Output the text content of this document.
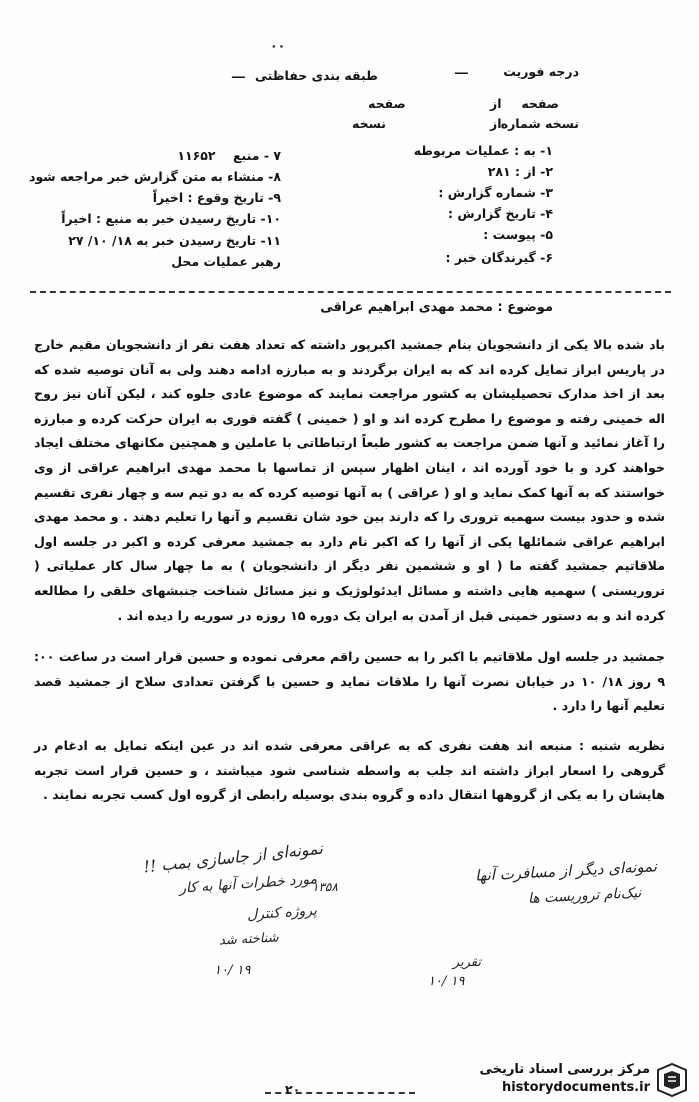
۰۰
درجه فوریت
ـــ
طبقه بندی حفاظتی
ـــ
صفحه
از
صفحه
نسخه شماره
از
نسخه
۱- به : عملیات مربوطه
۲- از : ۲۸۱
۳- شماره گزارش :
۴- تاریخ گزارش :
۵- پیوست :
۶- گیرندگان خبر :
۷ - منبع    ۱۱۶۵۲
۸- منشاء به متن گزارش خبر مراجعه شود
۹- تاریخ وقوع : اخیراً
۱۰- تاریخ رسیدن خبر به منبع : اخیراً
۱۱- تاریخ رسیدن خبر به ۱۸/ ۱۰/ ۲۷
رهبر عملیات محل
موضوع : محمد مهدی ابراهیم عراقی

باد شده بالا یکی از دانشجویان بنام جمشید اکبرپور داشته که تعداد هفت نفر از دانشجویان مقیم خارج در پاریس ابراز تمایل کرده اند که به ایران برگردند و به مبارزه ادامه دهند ولی به آنان توصیه شده که بعد از اخذ مدارک تحصیلیشان به کشور مراجعت نمایند که موضوع عادی جلوه کند ، لیکن آنان نیز روح اله خمینی رفته و موضوع را مطرح کرده اند و او ( خمینی ) گفته فوری به ایران حرکت کرده و مبارزه را آغاز نمائید و آنها ضمن مراجعت به کشور طبعاً ارتباطاتی با عاملین و همچنین مکانهای مختلف ایجاد خواهند کرد و با خود آورده اند ، اینان اظهار سپس از تماسها با محمد مهدی ابراهیم عراقی از وی خواستند که به آنها کمک نماید و او ( عراقی ) به آنها توصیه کرده که به دو تیم سه و چهار نفری تقسیم شده و حدود بیست سهمیه تروری را که دارند بین خود شان تقسیم و آنها را تعلیم دهند . و محمد مهدی ابراهیم عراقی شمائلها یکی از آنها را که اکبر نام دارد به جمشید معرفی کرده و اکبر در جلسه اول ملاقاتیم جمشید گفته ما ( او و ششمین نفر دیگر از دانشجویان ) به ما چهار سال کار عملیاتی ( تروریستی ) سهمیه هایی داشته و مسائل ایدئولوژیک و نیز مسائل شناخت جنبشهای خلقی را مطالعه کرده اند و به دستور خمینی قبل از آمدن به ایران یک دوره ۱۵ روزه در سوریه را دیده اند .

جمشید در جلسه اول ملاقاتیم با اکبر را به حسین راقم معرفی نموده و حسین قرار است در ساعت ۰۰: ۹ روز ۱۸/ ۱۰ در خیابان نصرت آنها را ملاقات نماید و حسین با گرفتن تعدادی سلاح از جمشید قصد تعلیم آنها را دارد .

نظریه شنبه : منبعه اند هفت نفری که به عراقی معرفی شده اند در عین اینکه تمایل به ادغام در گروهی را اسعار ابراز داشته اند جلب به واسطه شناسی شود میباشند ، و حسین قرار است تجربه هایشان را به یکی از گروهها انتقال داده و گروه بندی بوسیله رابطی از گروه اول کسب تجربه نمایند .

نمونه‌ای دیگر از مسافرت آنها
نیک‌نام تروریست ها
تقریر
۱۰/ ۱۹
نمونه‌ای از جاسازی بمب !!
مورد خطرات آنها به کار
پروژه کنترل
شناخته شد
۱۳۵۸
۱۰/ ۱۹
۲۰
مرکز بررسی اسناد تاریخی
historydocuments.ir
